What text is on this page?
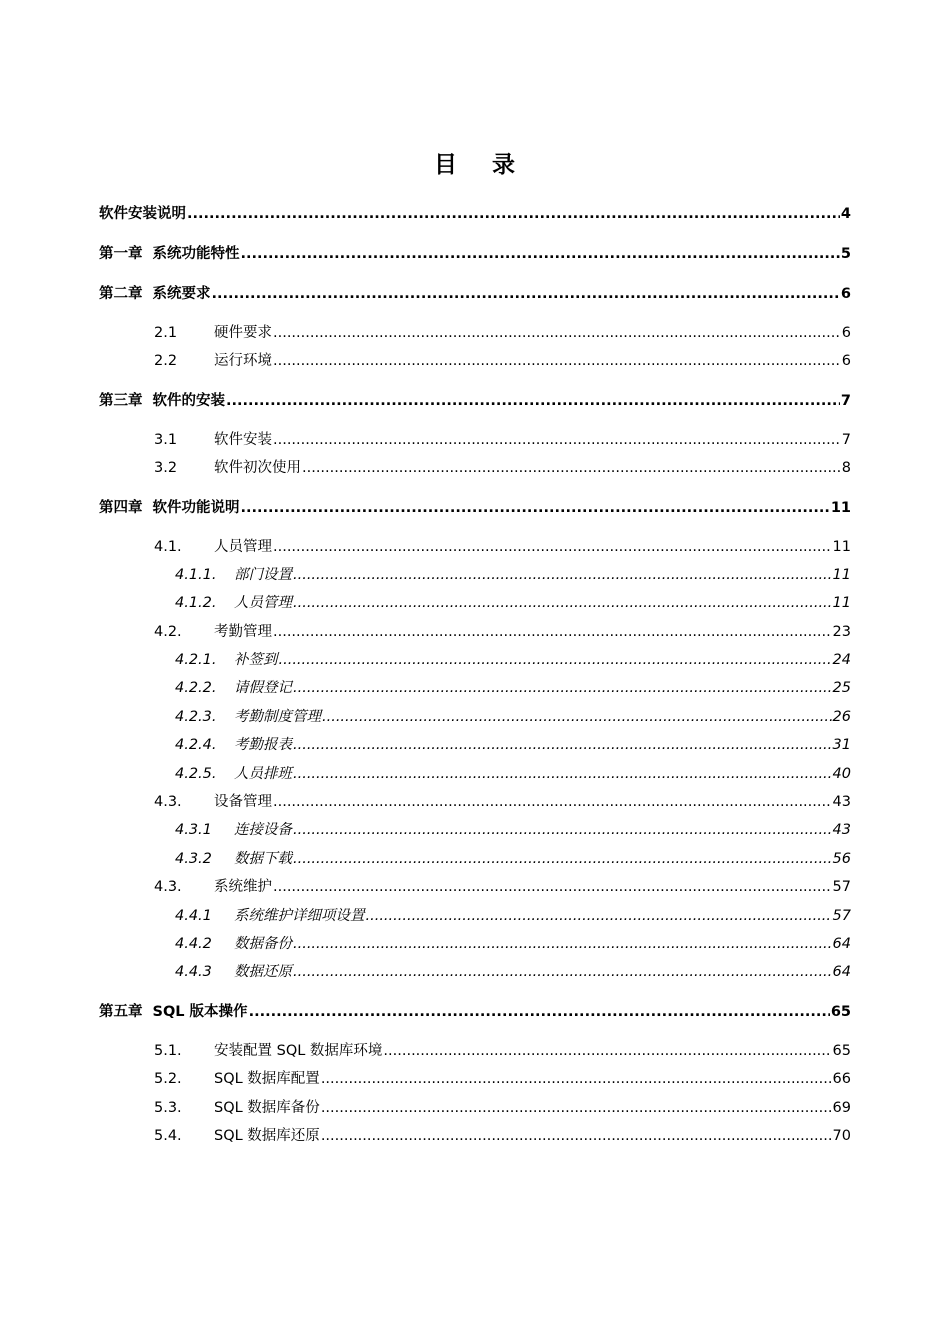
目 录
软件安装说明 .....	4
第一章 系统功能特性 .....	5
第二章 系统要求 .....	6
2.1	硬件要求 .....	6
2.2	运行环境 .....	6
第三章 软件的安装 .....	7
3.1	软件安装 .....	7
3.2	软件初次使用 .....	8
第四章 软件功能说明 .....	11
4.1.	人员管理 .....	11
4.1.1.	部门设置 .....	11
4.1.2.	人员管理 .....	11
4.2.	考勤管理 .....	23
4.2.1.	补签到 .....	24
4.2.2.	请假登记 .....	25
4.2.3.	考勤制度管理 .....	26
4.2.4.	考勤报表 .....	31
4.2.5.	人员排班 .....	40
4.3.	设备管理 .....	43
4.3.1	连接设备 .....	43
4.3.2	数据下载 .....	56
4.3.	系统维护 .....	57
4.4.1	系统维护详细项设置 .....	57
4.4.2	数据备份 .....	64
4.4.3	数据还原 .....	64
第五章 SQL 版本操作 .....	65
5.1.	安装配置 SQL 数据库环境 .....	65
5.2.	SQL 数据库配置 .....	66
5.3.	SQL 数据库备份 .....	69
5.4.	SQL 数据库还原 .....	70
